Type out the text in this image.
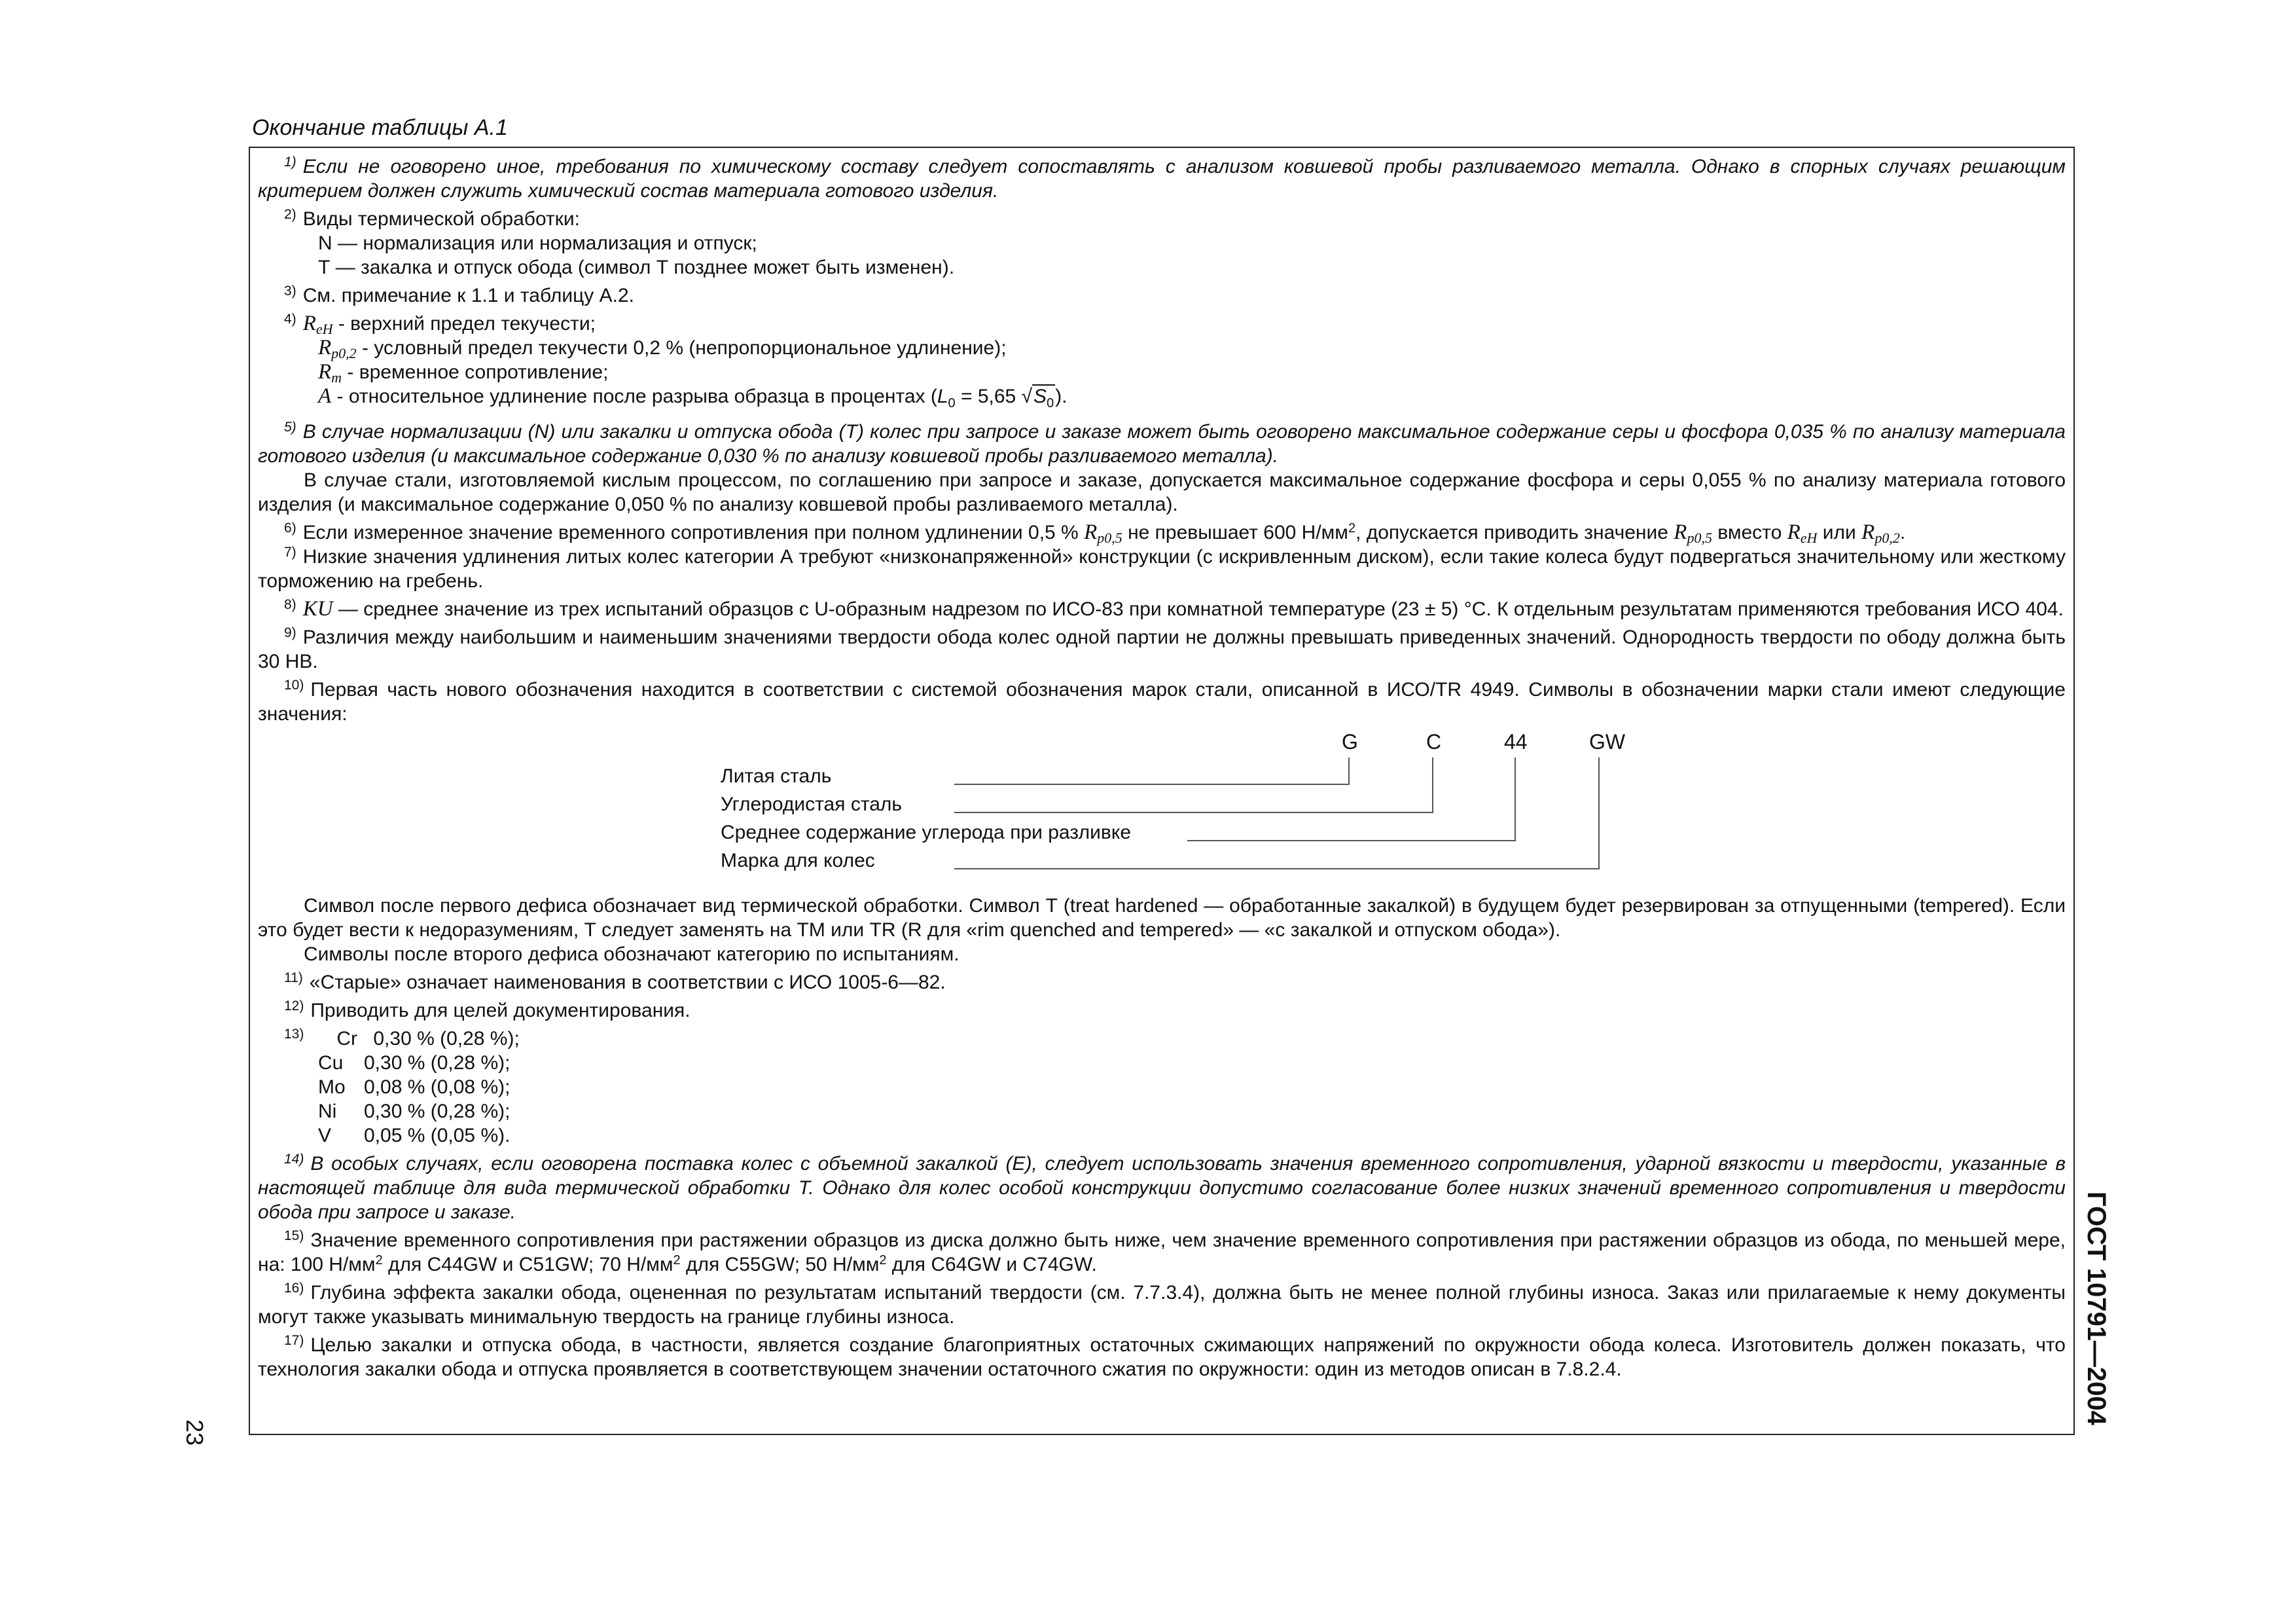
Окончание таблицы А.1

$^{1)}$ Если не оговорено иное, требования по химическому составу следует сопоставлять с анализом ковшевой пробы разливаемого металла. Однако в спорных случаях решающим критерием должен служить химический состав материала готового изделия.

$^{2)}$ Виды термической обработки:

N — нормализация или нормализация и отпуск;

Т — закалка и отпуск обода (символ Т позднее может быть изменен).

$^{3)}$ См. примечание к 1.1 и таблицу А.2.

$^{4)}$ $R_{eH}$ - верхний предел текучести;

$R_{p0,2}$ - условный предел текучести 0,2 % (непропорциональное удлинение);

$R_m$ - временное сопротивление;

A - относительное удлинение после разрыва образца в процентах ($L_0 = 5,65$ $√S_0$).

$^{5)}$ В случае нормализации (N) или закалки и отпуска обода (Т) колес при запросе и заказе может быть оговорено максимальное содержание серы и фосфора 0,035 % по анализу материала готового изделия (и максимальное содержание 0,030 % по анализу ковшевой пробы разливаемого металла).

В случае стали, изготовляемой кислым процессом, по соглашению при запросе и заказе, допускается максимальное содержание фосфора и серы 0,055 % по анализу материала готового изделия (и максимальное содержание 0,050 % по анализу ковшевой пробы разливаемого металла).

$^{6)}$ Если измеренное значение временного сопротивления при полном удлинении 0,5 % $R_{p0,5}$ не превышает 600 $Н/мм^2$, допускается приводить значение $R_{p0,5}$ вместо $R_{eH}$ или $R_{p0,2}$.

$^{7)}$ Низкие значения удлинения литых колес категории А требуют «низконапряженной» конструкции (с искривленным диском), если такие колеса будут подвергаться значительному или жесткому торможению на гребень.

$^{8)}$ KU — среднее значение из трех испытаний образцов с U-образным надрезом по ИСО-83 при комнатной температуре (23 ± 5) °С. К отдельным результатам применяются требования ИСО 404.

$^{9)}$ Различия между наибольшим и наименьшим значениями твердости обода колес одной партии не должны превышать приведенных значений. Однородность твердости по ободу должна быть 30 НВ.

$^{10)}$ Первая часть нового обозначения находится в соответствии с системой обозначения марок стали, описанной в ИСО/TR 4949. Символы в обозначении марки стали имеют следующие значения:

G	С	44	GW
Литая сталь
Углеродистая сталь
Среднее содержание углерода при разливке
Марка для колес

Символ после первого дефиса обозначает вид термической обработки. Символ Т (treat hardened — обработанные закалкой) в будущем будет резервирован за отпущенными (tempered). Если это будет вести к недоразумениям, Т следует заменять на ТМ или TR (R для «rim quenched and tempered» — «с закалкой и отпуском обода»).

Символы после второго дефиса обозначают категорию по испытаниям.

$^{11)}$ «Старые» означает наименования в соответствии с ИСО 1005-6—82.

$^{12)}$ Приводить для целей документирования.

$^{13)}$	Cr 0,30 % (0,28 %);

Cu	0,30 % (0,28 %);
Mo 0,08 % (0,08 %);
Ni	0,30 % (0,28 %);
V	0,05 % (0,05 %).

$^{14)}$ В особых случаях, если оговорена поставка колес с объемной закалкой (Е), следует использовать значения временного сопротивления, ударной вязкости и твердости, указанные в настоящей таблице для вида термической обработки Т. Однако для колес особой конструкции допустимо согласование более низких значений временного сопротивления и твердости обода при запросе и заказе.

$^{15)}$ Значение временного сопротивления при растяжении образцов из диска должно быть ниже, чем значение временного сопротивления при растяжении образцов из обода, по меньшей мере, на: 100 $Н/мм^2$ для C44GW и C51GW; 70 $Н/мм^2$ для C55GW; 50 $Н/мм^2$ для C64GW и C74GW.

$^{16)}$ Глубина эффекта закалки обода, оцененная по результатам испытаний твердости (см. 7.7.3.4), должна быть не менее полной глубины износа. Заказ или прилагаемые к нему документы могут также указывать минимальную твердость на границе глубины износа.

$^{17)}$ Целью закалки и отпуска обода, в частности, является создание благоприятных остаточных сжимающих напряжений по окружности обода колеса. Изготовитель должен показать, что технология закалки обода и отпуска проявляется в соответствующем значении остаточного сжатия по окружности: один из методов описан в 7.8.2.4.

23
ГОСТ 10791—2004
